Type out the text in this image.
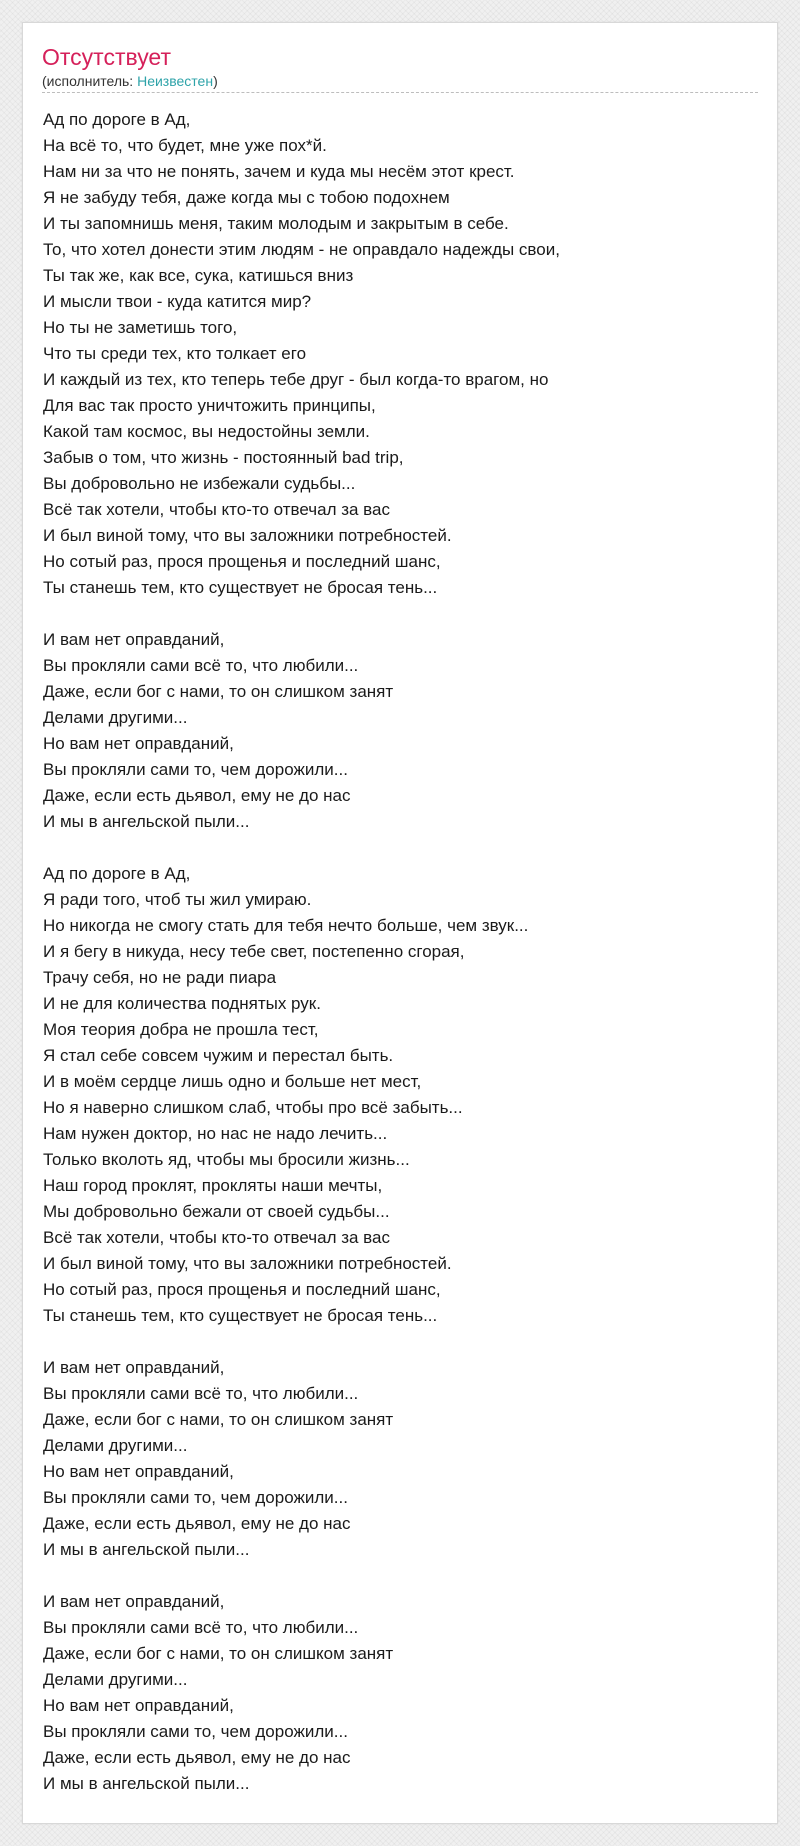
Отсутствует
(исполнитель: Неизвестен)
Ад по дороге в Ад,
На всё то, что будет, мне уже пох*й.
Нам ни за что не понять, зачем и куда мы несём этот крест.
Я не забуду тебя, даже когда мы с тобою подохнем
И ты запомнишь меня, таким молодым и закрытым в себе.
То, что хотел донести этим людям - не оправдало надежды свои,
Ты так же, как все, сука, катишься вниз
И мысли твои - куда катится мир?
Но ты не заметишь того,
Что ты среди тех, кто толкает его
И каждый из тех, кто теперь тебе друг - был когда-то врагом, но
Для вас так просто уничтожить принципы,
Какой там космос, вы недостойны земли.
Забыв о том, что жизнь - постоянный bad trip,
Вы добровольно не избежали судьбы...
Всё так хотели, чтобы кто-то отвечал за вас
И был виной тому, что вы заложники потребностей.
Но сотый раз, прося прощенья и последний шанс,
Ты станешь тем, кто существует не бросая тень...
И вам нет оправданий,
Вы прокляли сами всё то, что любили...
Даже, если бог с нами, то он слишком занят
Делами другими...
Но вам нет оправданий,
Вы прокляли сами то, чем дорожили...
Даже, если есть дьявол, ему не до нас
И мы в ангельской пыли...
Ад по дороге в Ад,
Я ради того, чтоб ты жил умираю.
Но никогда не смогу стать для тебя нечто больше, чем звук...
И я бегу в никуда, несу тебе свет, постепенно сгорая,
Трачу себя, но не ради пиара
И не для количества поднятых рук.
Моя теория добра не прошла тест,
Я стал себе совсем чужим и перестал быть.
И в моём сердце лишь одно и больше нет мест,
Но я наверно слишком слаб, чтобы про всё забыть...
Нам нужен доктор, но нас не надо лечить...
Только вколоть яд, чтобы мы бросили жизнь...
Наш город проклят, прокляты наши мечты,
Мы добровольно бежали от своей судьбы...
Всё так хотели, чтобы кто-то отвечал за вас
И был виной тому, что вы заложники потребностей.
Но сотый раз, прося прощенья и последний шанс,
Ты станешь тем, кто существует не бросая тень...
И вам нет оправданий,
Вы прокляли сами всё то, что любили...
Даже, если бог с нами, то он слишком занят
Делами другими...
Но вам нет оправданий,
Вы прокляли сами то, чем дорожили...
Даже, если есть дьявол, ему не до нас
И мы в ангельской пыли...
И вам нет оправданий,
Вы прокляли сами всё то, что любили...
Даже, если бог с нами, то он слишком занят
Делами другими...
Но вам нет оправданий,
Вы прокляли сами то, чем дорожили...
Даже, если есть дьявол, ему не до нас
И мы в ангельской пыли...
